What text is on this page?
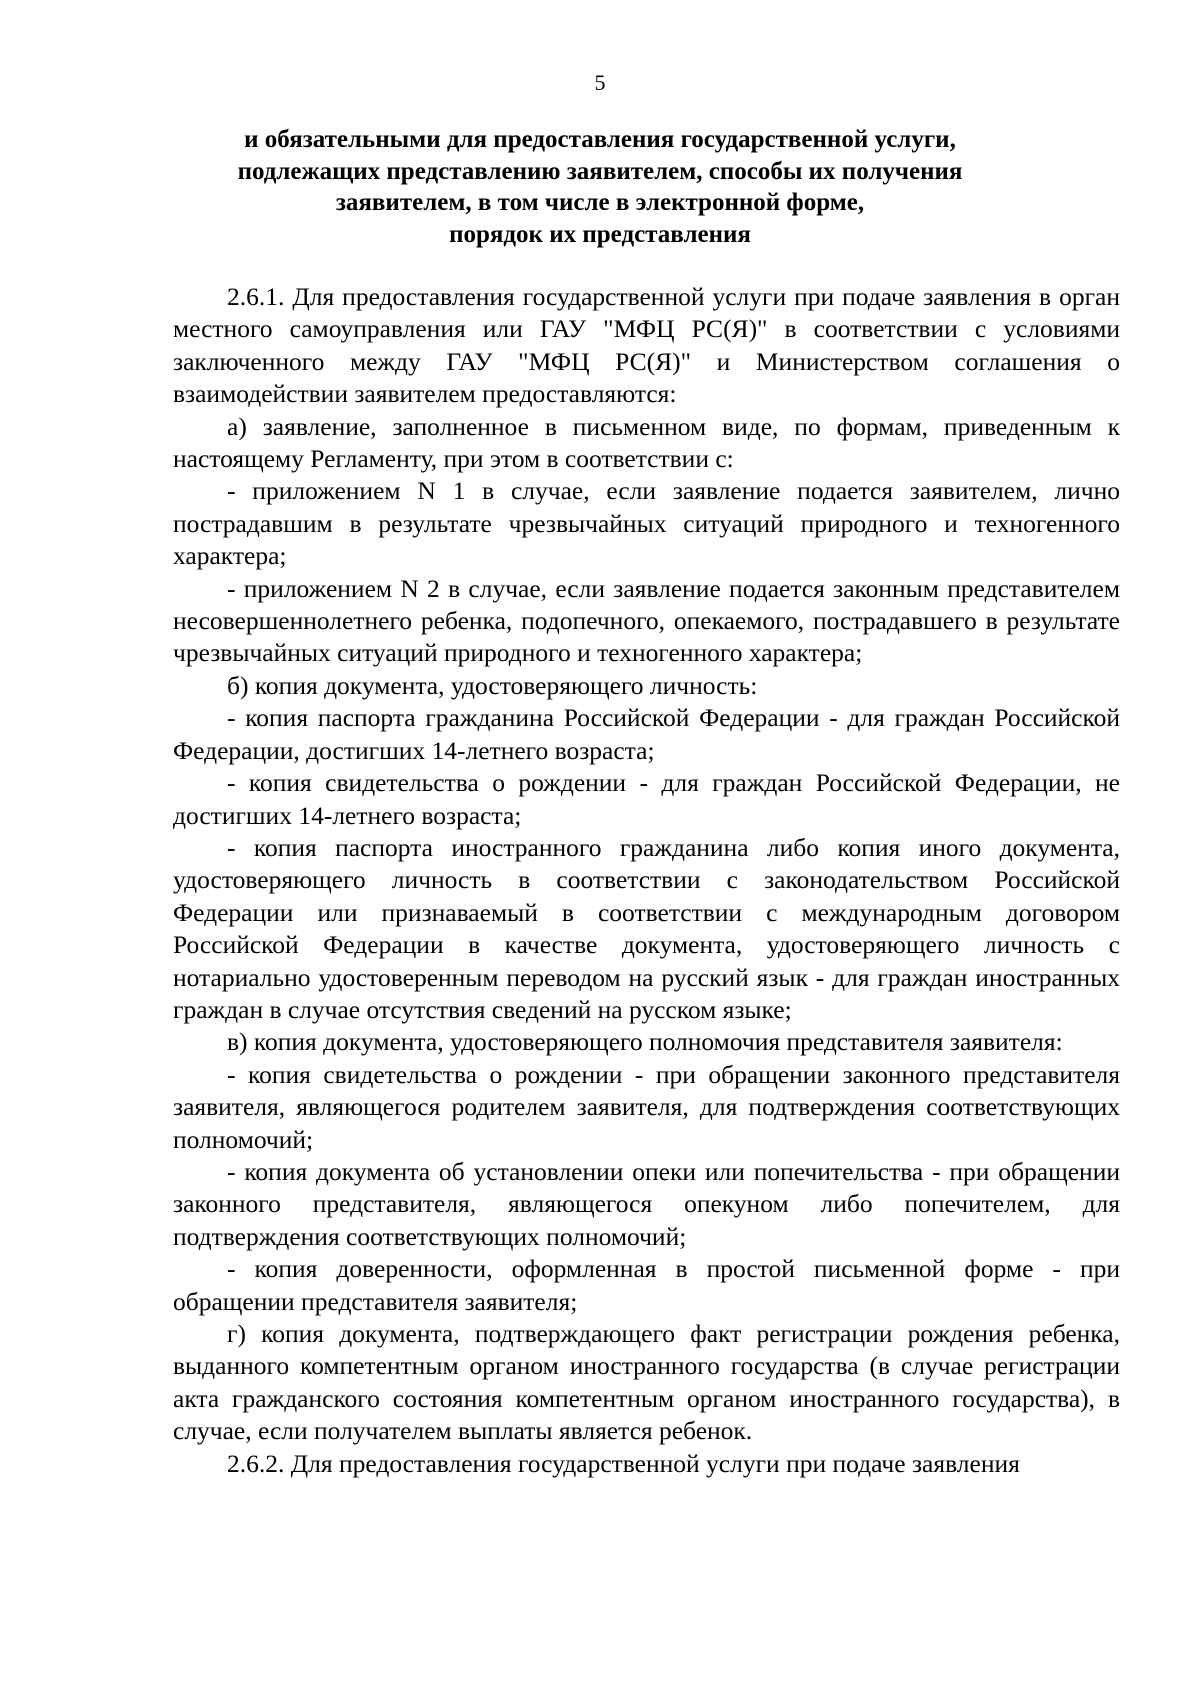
5
и обязательными для предоставления государственной услуги,
подлежащих представлению заявителем, способы их получения
заявителем, в том числе в электронной форме,
порядок их представления

2.6.1. Для предоставления государственной услуги при подаче заявления в орган местного самоуправления или ГАУ "МФЦ РС(Я)" в соответствии с условиями заключенного между ГАУ "МФЦ РС(Я)" и Министерством соглашения о взаимодействии заявителем предоставляются:

а) заявление, заполненное в письменном виде, по формам, приведенным к настоящему Регламенту, при этом в соответствии с:

- приложением N 1 в случае, если заявление подается заявителем, лично пострадавшим в результате чрезвычайных ситуаций природного и техногенного характера;

- приложением N 2 в случае, если заявление подается законным представителем несовершеннолетнего ребенка, подопечного, опекаемого, пострадавшего в результате чрезвычайных ситуаций природного и техногенного характера;

б) копия документа, удостоверяющего личность:

- копия паспорта гражданина Российской Федерации - для граждан Российской Федерации, достигших 14-летнего возраста;

- копия свидетельства о рождении - для граждан Российской Федерации, не достигших 14-летнего возраста;

- копия паспорта иностранного гражданина либо копия иного документа, удостоверяющего личность в соответствии с законодательством Российской Федерации или признаваемый в соответствии с международным договором Российской Федерации в качестве документа, удостоверяющего личность с нотариально удостоверенным переводом на русский язык - для граждан иностранных граждан в случае отсутствия сведений на русском языке;

в) копия документа, удостоверяющего полномочия представителя заявителя:

- копия свидетельства о рождении - при обращении законного представителя заявителя, являющегося родителем заявителя, для подтверждения соответствующих полномочий;

- копия документа об установлении опеки или попечительства - при обращении законного представителя, являющегося опекуном либо попечителем, для подтверждения соответствующих полномочий;

- копия доверенности, оформленная в простой письменной форме - при обращении представителя заявителя;

г) копия документа, подтверждающего факт регистрации рождения ребенка, выданного компетентным органом иностранного государства (в случае регистрации акта гражданского состояния компетентным органом иностранного государства), в случае, если получателем выплаты является ребенок.

2.6.2. Для предоставления государственной услуги при подаче заявления
